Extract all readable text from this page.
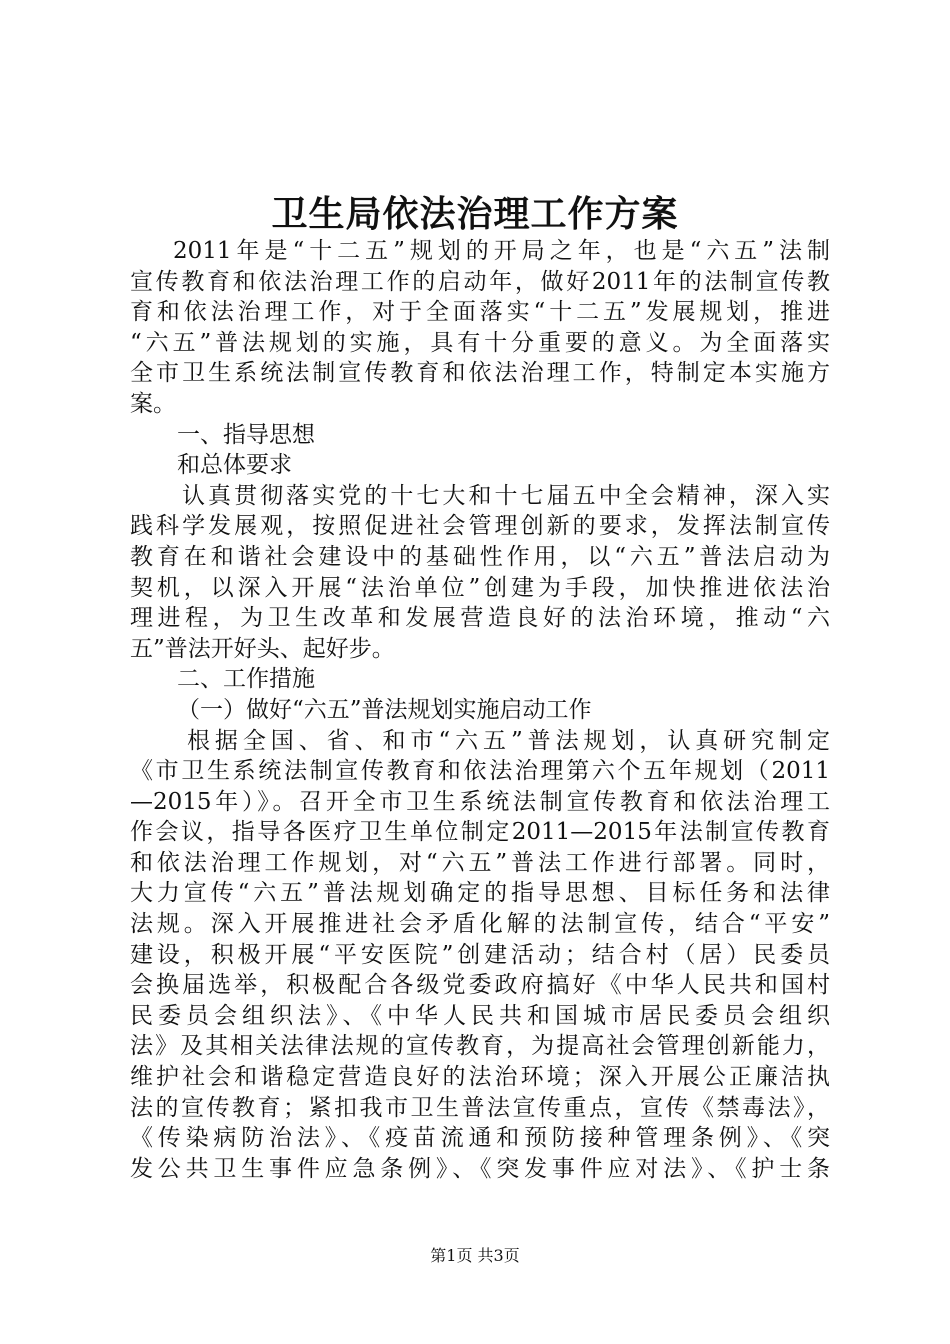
卫生局依法治理工作方案
2011年是“十二五”规划的开局之年，也是“六五”法制
宣传教育和依法治理工作的启动年，做好2011年的法制宣传教
育和依法治理工作，对于全面落实“十二五”发展规划，推进
“六五”普法规划的实施，具有十分重要的意义。为全面落实
全市卫生系统法制宣传教育和依法治理工作，特制定本实施方
案。
一、指导思想
和总体要求
认真贯彻落实党的十七大和十七届五中全会精神，深入实
践科学发展观，按照促进社会管理创新的要求，发挥法制宣传
教育在和谐社会建设中的基础性作用，以“六五”普法启动为
契机，以深入开展“法治单位”创建为手段，加快推进依法治
理进程，为卫生改革和发展营造良好的法治环境，推动“六
五”普法开好头、起好步。
二、工作措施
（一）做好“六五”普法规划实施启动工作
根据全国、省、和市“六五”普法规划，认真研究制定
《市卫生系统法制宣传教育和依法治理第六个五年规划（2011
—2015年）》。召开全市卫生系统法制宣传教育和依法治理工
作会议，指导各医疗卫生单位制定2011—2015年法制宣传教育
和依法治理工作规划，对“六五”普法工作进行部署。同时，
大力宣传“六五”普法规划确定的指导思想、目标任务和法律
法规。深入开展推进社会矛盾化解的法制宣传，结合“平安”
建设，积极开展“平安医院”创建活动；结合村（居）民委员
会换届选举，积极配合各级党委政府搞好《中华人民共和国村
民委员会组织法》、《中华人民共和国城市居民委员会组织
法》及其相关法律法规的宣传教育，为提高社会管理创新能力，
维护社会和谐稳定营造良好的法治环境；深入开展公正廉洁执
法的宣传教育；紧扣我市卫生普法宣传重点，宣传《禁毒法》，
《传染病防治法》、《疫苗流通和预防接种管理条例》、《突
发公共卫生事件应急条例》、《突发事件应对法》、《护士条
第1页 共3页
